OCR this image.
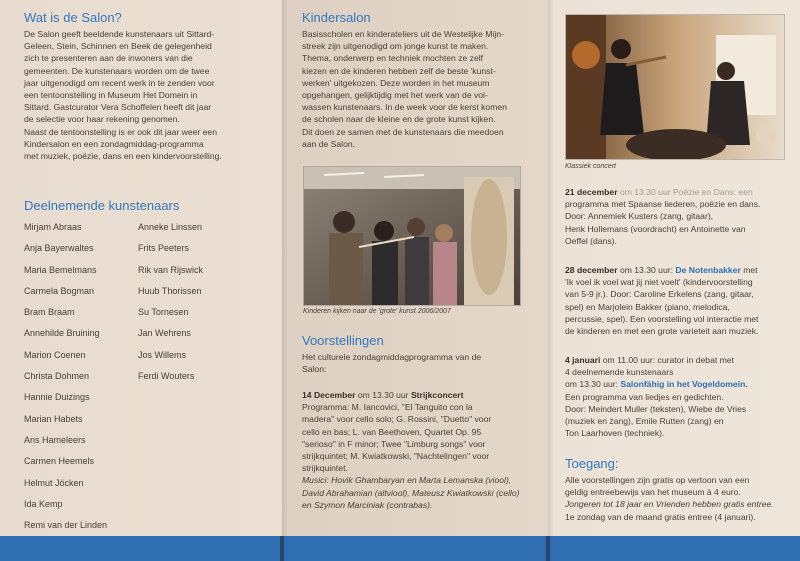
Wat is de Salon?
De Salon geeft beeldende kunstenaars uit Sittard-
Geleen, Stein, Schinnen en Beek de gelegenheid
zich te presenteren aan de inwoners van die
gemeenten. De kunstenaars worden om de twee
jaar uitgenodigd om recent werk in te zenden voor
een tentoonstelling in Museum Het Domein in
Sittard. Gastcurator Vera Schoffelen heeft dit jaar
de selectie voor haar rekening genomen.
Naast de tentoonstelling is er ook dit jaar weer een
Kindersalon en een zondagmiddag-programma
met muziek, poëzie, dans en een kindervoorstelling.
Deelnemende kunstenaars
Mirjam Abraas
Anja Bayerwaltes
Maria Bemelmans
Carmela Bogman
Bram Braam
Annehilde Bruining
Marion Coenen
Christa Dohmen
Hannie Duizings
Marian Habets
Ans Hameleers
Carmen Heemels
Helmut Jöcken
Ida Kemp
Remi van der Linden
Anneke Linssen
Frits Peeters
Rik van Rijswick
Huub Thorissen
Su Tornesen
Jan Wehrens
Jos Willems
Ferdi Wouters
Kindersalon
Basisscholen en kinderateliers uit de Westelijke Mijn-
streek zijn uitgenodigd om jonge kunst te maken.
Thema, onderwerp en techniek mochten ze zelf
kiezen en de kinderen hebben zelf de beste 'kunst-
werken' uitgekozen. Deze worden in het museum
opgehangen, gelijktijdig met het werk van de vol-
wassen kunstenaars. In de week voor de kerst komen
de scholen naar de kleine en de grote kunst kijken.
Dit doen ze samen met de kunstenaars die meedoen
aan de Salon.
Kinderen kijken naar de 'grote' kunst 2006/2007
Voorstellingen
Het culturele zondagmiddagprogramma van de
Salon:
14 December om 13.30 uur Strijkconcert
Programma: M. Iancovici, "El Tanguito con la
madera" voor cello solo; G. Rossini, "Duetto" voor
cello en bas; L. van Beethoven, Quartet Op. 95
"serioso" in F minor; Twee "Limburg songs" voor
strijkquintet; M. Kwiatkowski, "Nachtelingen" voor
strijkquintet.
Musici: Hovik Ghambaryan en Marta Lemanska (viool),
David Abrahamian (altviool), Mateusz Kwiatkowski (cello)
en Szymon Marciniak (contrabas).
Klassiek concert
21 december om 13.30 uur Poëzie en Dans: een
programma met Spaanse liederen, poëzie en dans.
Door: Annemiek Kusters (zang, gitaar),
Henk Hollemans (voordracht) en Antoinette van
Oeffel (dans).
28 december om 13.30 uur: De Notenbakker met
'Ik voel ik voel wat jij niet voelt' (kindervoorstelling
van 5-9 jr.). Door: Caroline Erkelens (zang, gitaar,
spel) en Marjolein Bakker (piano, melodica,
percussie, spel). Een voorstelling vol interactie met
de kinderen en met een grote varieteit aan muziek.
4 januari om 11.00 uur: curator in debat met
4 deelnemende kunstenaars
om 13.30 uur: Salonfähig in het Vogeldomein.
Een programma van liedjes en gedichten.
Door: Meindert Muller (teksten), Wiebe de Vries
(muziek en zang), Emile Rutten (zang) en
Ton Laarhoven (techniek).
Toegang:
Alle voorstellingen zijn gratis op vertoon van een
geldig entreebewijs van het museum à 4 euro.
Jongeren tot 18 jaar en Vrienden hebben gratis entree.
1e zondag van de maand gratis entree (4 januari).
